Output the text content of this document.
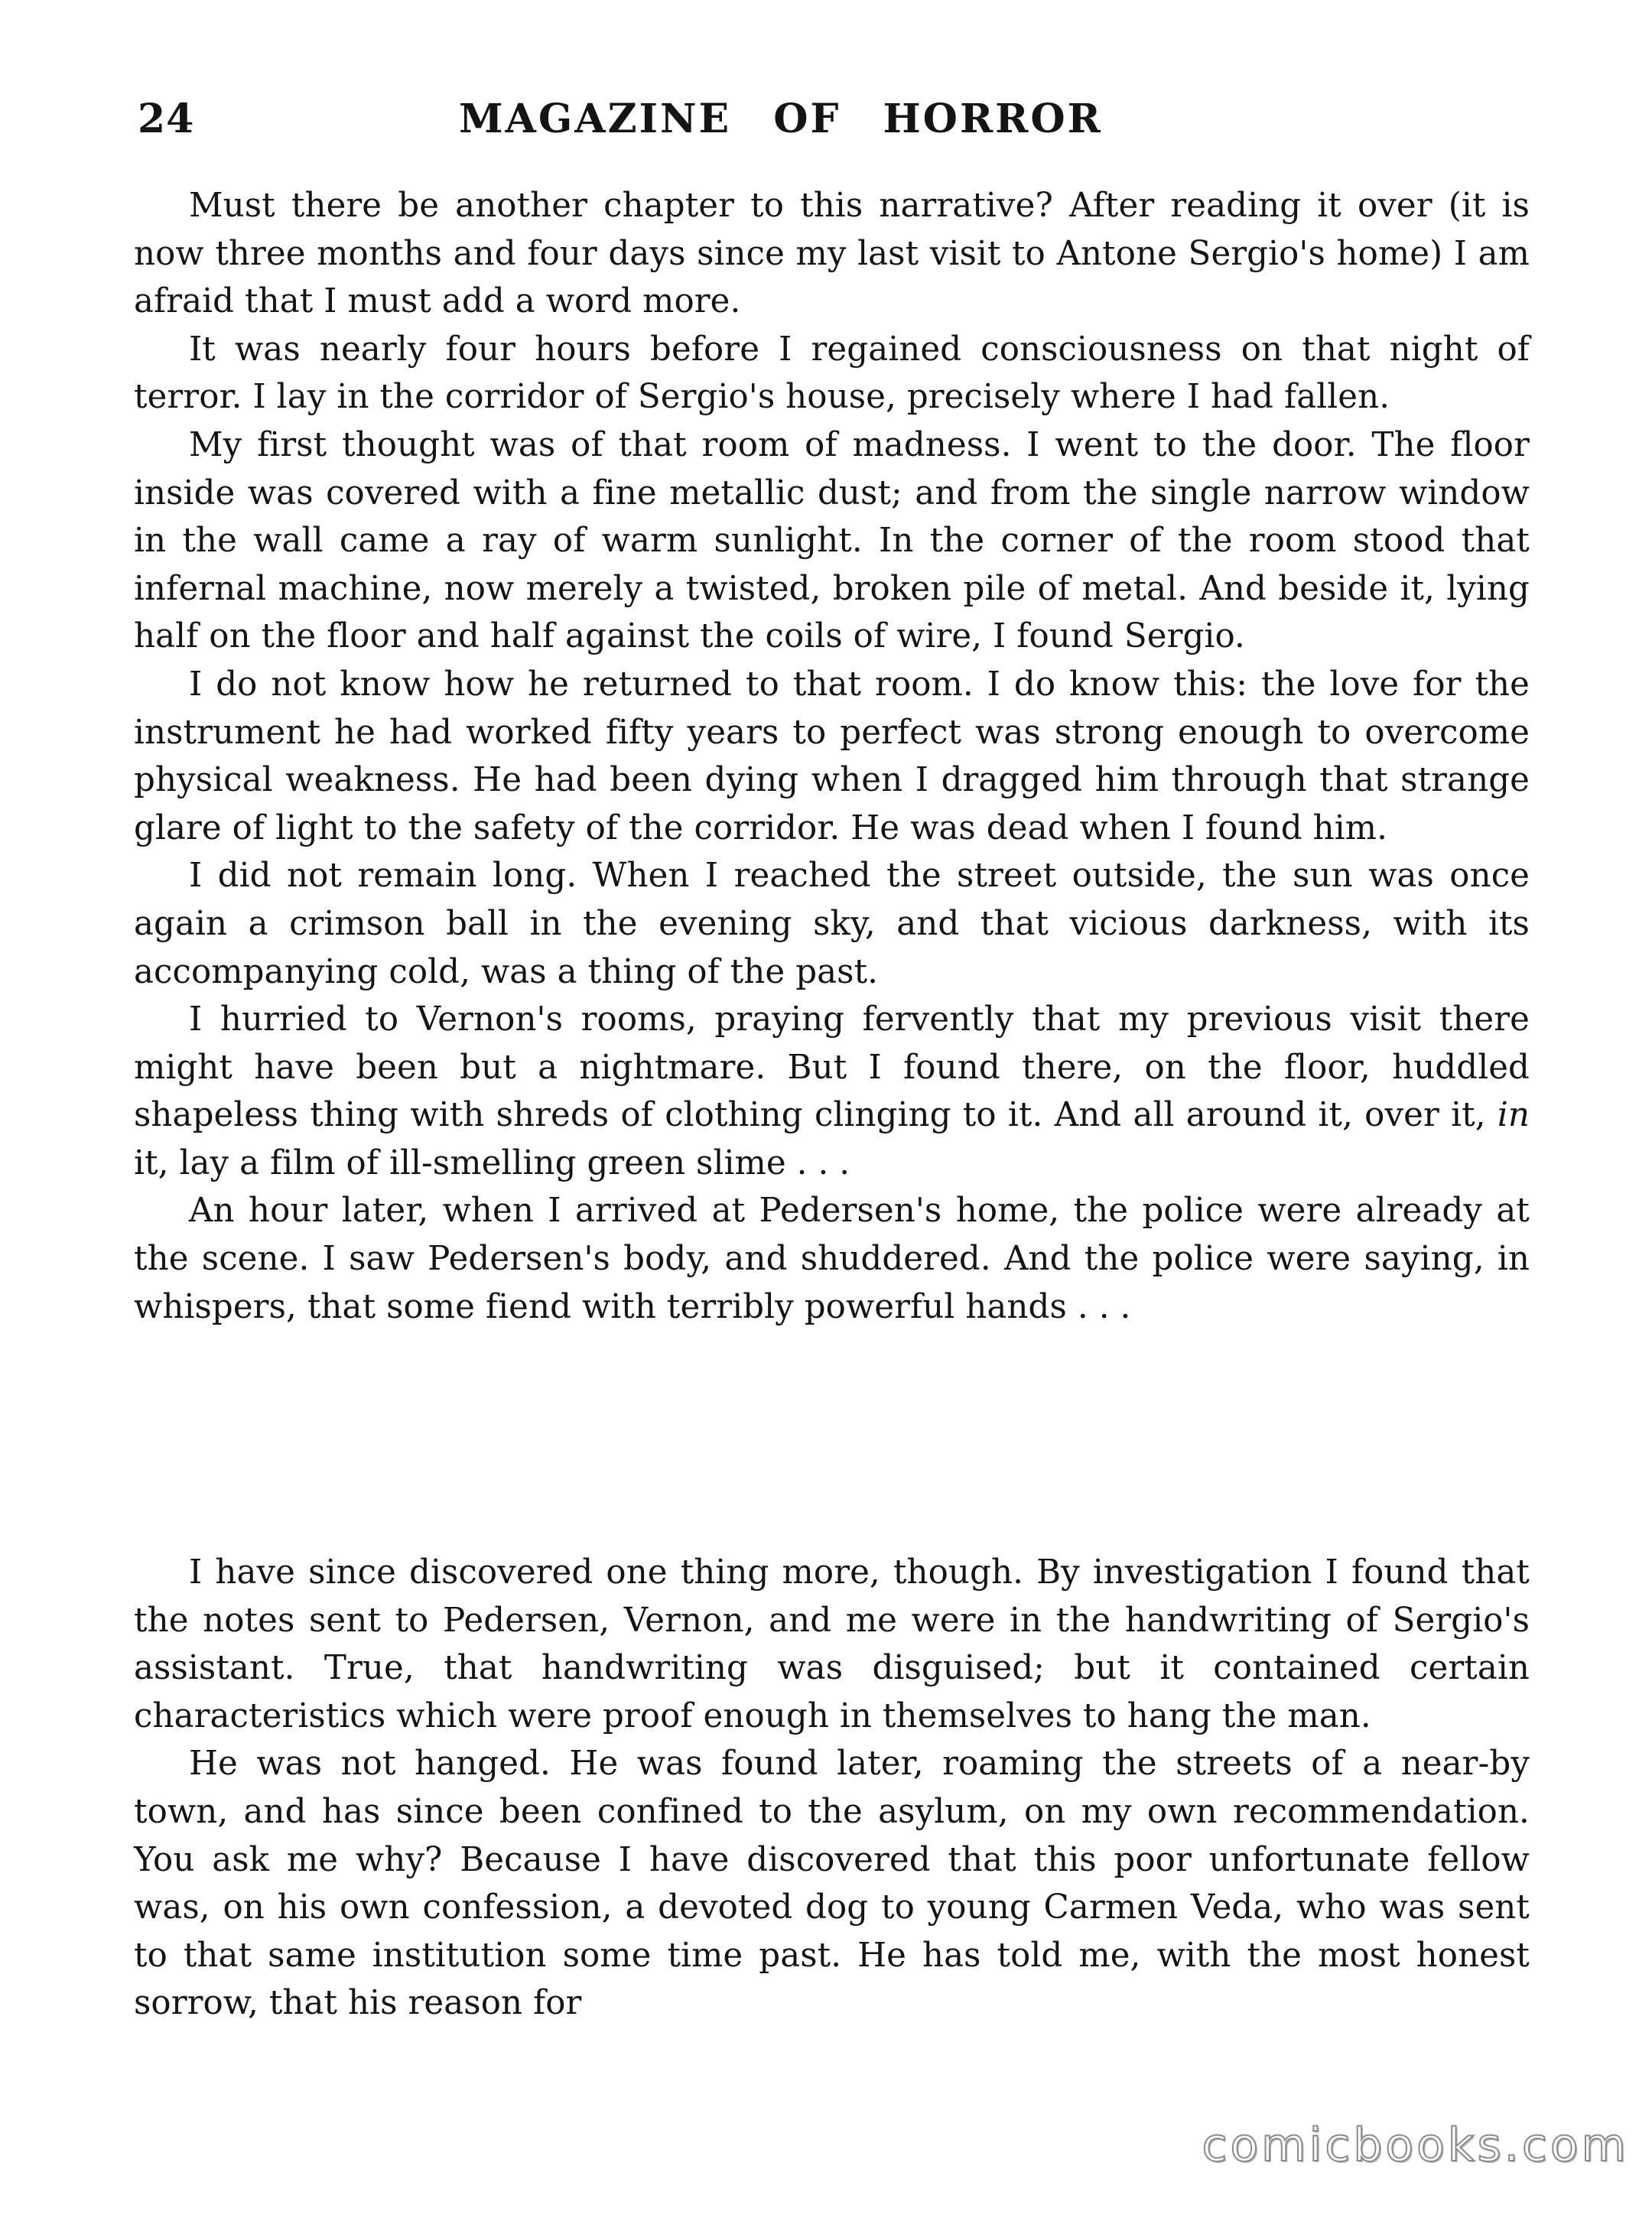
24	MAGAZINE OF HORROR

Must there be another chapter to this narrative? After reading it over (it is now three months and four days since my last visit to Antone Sergio's home) I am afraid that I must add a word more.

It was nearly four hours before I regained consciousness on that night of terror. I lay in the corridor of Sergio's house, precisely where I had fallen.

My first thought was of that room of madness. I went to the door. The floor inside was covered with a fine metallic dust; and from the single narrow window in the wall came a ray of warm sunlight. In the corner of the room stood that infernal machine, now merely a twisted, broken pile of metal. And beside it, lying half on the floor and half against the coils of wire, I found Sergio.

I do not know how he returned to that room. I do know this: the love for the instrument he had worked fifty years to perfect was strong enough to overcome physical weakness. He had been dying when I dragged him through that strange glare of light to the safety of the corridor. He was dead when I found him.

I did not remain long. When I reached the street outside, the sun was once again a crimson ball in the evening sky, and that vicious darkness, with its accompanying cold, was a thing of the past.

I hurried to Vernon's rooms, praying fervently that my previous visit there might have been but a nightmare. But I found there, on the floor, huddled shapeless thing with shreds of clothing clinging to it. And all around it, over it, in it, lay a film of ill-smelling green slime . . .

An hour later, when I arrived at Pedersen's home, the police were already at the scene. I saw Pedersen's body, and shuddered. And the police were saying, in whispers, that some fiend with terribly powerful hands . . .

I have since discovered one thing more, though. By investigation I found that the notes sent to Pedersen, Vernon, and me were in the handwriting of Sergio's assistant. True, that handwriting was disguised; but it contained certain characteristics which were proof enough in themselves to hang the man.

He was not hanged. He was found later, roaming the streets of a near-by town, and has since been confined to the asylum, on my own recommendation. You ask me why? Because I have discovered that this poor unfortunate fellow was, on his own confession, a devoted dog to young Carmen Veda, who was sent to that same institution some time past. He has told me, with the most honest sorrow, that his reason for

comicbooks.com
